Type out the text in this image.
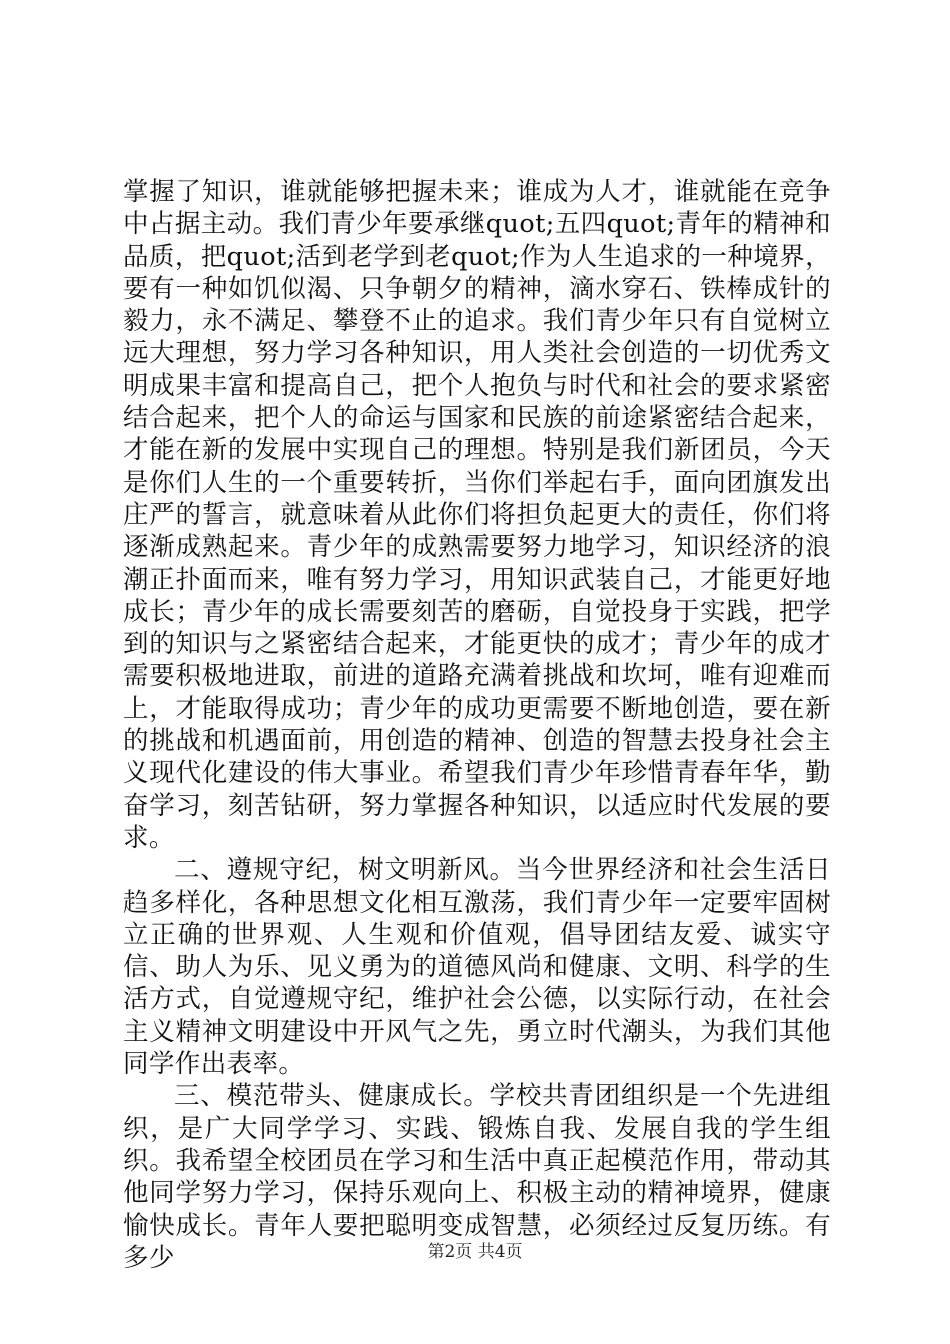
掌握了知识，谁就能够把握未来；谁成为人才，谁就能在竞争中占据主动。我们青少年要承继quot;五四quot;青年的精神和品质，把quot;活到老学到老quot;作为人生追求的一种境界，要有一种如饥似渴、只争朝夕的精神，滴水穿石、铁棒成针的毅力，永不满足、攀登不止的追求。我们青少年只有自觉树立远大理想，努力学习各种知识，用人类社会创造的一切优秀文明成果丰富和提高自己，把个人抱负与时代和社会的要求紧密结合起来，把个人的命运与国家和民族的前途紧密结合起来，才能在新的发展中实现自己的理想。特别是我们新团员，今天是你们人生的一个重要转折，当你们举起右手，面向团旗发出庄严的誓言，就意味着从此你们将担负起更大的责任，你们将逐渐成熟起来。青少年的成熟需要努力地学习，知识经济的浪潮正扑面而来，唯有努力学习，用知识武装自己，才能更好地成长；青少年的成长需要刻苦的磨砺，自觉投身于实践，把学到的知识与之紧密结合起来，才能更快的成才；青少年的成才需要积极地进取，前进的道路充满着挑战和坎坷，唯有迎难而上，才能取得成功；青少年的成功更需要不断地创造，要在新的挑战和机遇面前，用创造的精神、创造的智慧去投身社会主义现代化建设的伟大事业。希望我们青少年珍惜青春年华，勤奋学习，刻苦钻研，努力掌握各种知识，以适应时代发展的要求。

二、遵规守纪，树文明新风。当今世界经济和社会生活日趋多样化，各种思想文化相互激荡，我们青少年一定要牢固树立正确的世界观、人生观和价值观，倡导团结友爱、诚实守信、助人为乐、见义勇为的道德风尚和健康、文明、科学的生活方式，自觉遵规守纪，维护社会公德，以实际行动，在社会主义精神文明建设中开风气之先，勇立时代潮头，为我们其他同学作出表率。

三、模范带头、健康成长。学校共青团组织是一个先进组织，是广大同学学习、实践、锻炼自我、发展自我的学生组织。我希望全校团员在学习和生活中真正起模范作用，带动其他同学努力学习，保持乐观向上、积极主动的精神境界，健康愉快成长。青年人要把聪明变成智慧，必须经过反复历练。有多少	第2页 共4页
